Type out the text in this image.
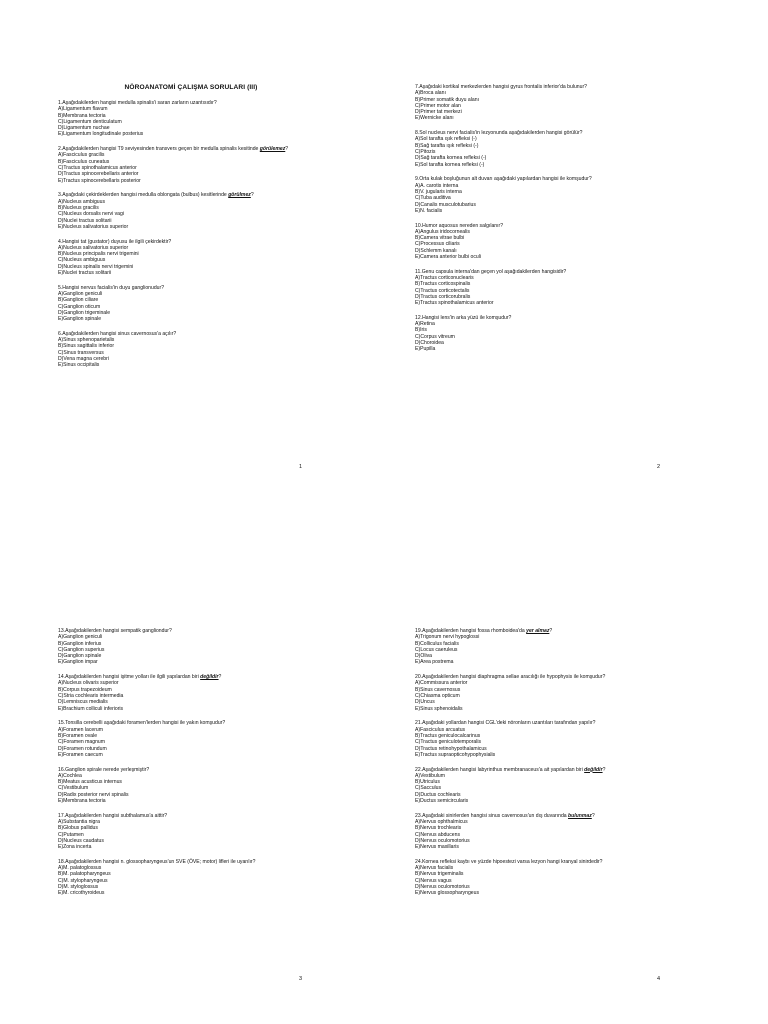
NÖROANATOMİ ÇALIŞMA SORULARI (III)
1.Aşağıdakilerden hangisi medulla spinalis'i saran zarların uzantısıdır?
A)Ligamentum flavum
B)Membrana tectoria
C)Ligamentum denticulatum
D)Ligamentum nuchae
E)Ligamentum longitudinale posterius
2.Aşağıdakilerden hangisi T9 seviyesinden transvers geçen bir medulla spinalis kesitinde görülemez?
A)Fasciculus gracilis
B)Fasciculus cuneatus
C)Tractus spinothalamicus anterior
D)Tractus spinocerebellaris anterior
E)Tractus spinocerebellaris posterior
3.Aşağıdaki çekirdeklerden hangisi medulla oblongata (bulbus) kesitlerinde görülmez?
A)Nucleus ambiguus
B)Nucleus gracilis
C)Nucleus dorsalis nervi vagi
D)Nuclei tractus solitarii
E)Nucleus salivatorius superior
4.Hangisi tat (gustator) duyusu ile ilgili çekirdektir?
A)Nucleus salivatorius superior
B)Nucleus principalis nervi trigemini
C)Nucleus ambiguus
D)Nucleus spinalis nervi trigemini
E)Nuclei tractus solitarii
5.Hangisi nervus facialis'in duyu ganglionudur?
A)Ganglion geniculi
B)Ganglion ciliare
C)Ganglion oticum
D)Ganglion trigeminale
E)Ganglion spinale
6.Aşağıdakilerden hangisi sinus cavernosus'a açılır?
A)Sinus sphenoparietalis
B)Sinus sagittalis inferior
C)Sinus transversus
D)Vena magna cerebri
E)Sinus occipitalis
1
7.Aşağıdaki kortikal merkezlerden hangisi gyrus frontalis inferior'da bulunur?
A)Broca alanı
B)Primer somatik duyu alanı
C)Primer motor alan
D)Primer tat merkezi
E)Wernicke alanı
8.Sol nucleus nervi facialis'in lezyonunda aşağıdakilerden hangisi görülür?
A)Sol tarafta ışık refleksi (-)
B)Sağ tarafta ışık refleksi (-)
C)Pitozis
D)Sağ tarafta kornea refleksi (-)
E)Sol tarafta kornea refleksi (-)
9.Orta kulak boşluğunun alt duvarı aşağıdaki yapılardan hangisi ile komşudur?
A)A. carotis interna
B)V. jugularis interna
C)Tuba auditiva
D)Canalis musculotubarius
E)N. facialis
10.Humor aquosus nereden salgılanır?
A)Angulus iridocornealis
B)Camera vitrae bulbi
C)Processus ciliaris
D)Schlemm kanalı
E)Camera anterior bulbi oculi
11.Genu capsula interna'dan geçen yol aşağıdakilerden hangisidir?
A)Tractus corticonuclearis
B)Tractus corticospinalis
C)Tractus corticotectalis
D)Tractus corticorubralis
E)Tractus spinothalamicus anterior
12.Hangisi lens'in arka yüzü ile komşudur?
A)Retina
B)Iris
C)Corpus vitreum
D)Choroidea
E)Pupilla
2
13.Aşağıdakilerden hangisi sempatik gangliondur?
A)Ganglion geniculi
B)Ganglion inferius
C)Ganglion superius
D)Ganglion spinale
E)Ganglion impar
14.Aşağıdakilerden hangisi işitme yolları ile ilgili yapılardan biri değildir?
A)Nucleus olivaris superior
B)Corpus trapezoideum
C)Stria cochlearis intermedia
D)Lemniscus medialis
E)Brachium colliculi inferioris
15.Tonsilla cerebelli aşağıdaki foramen'lerden hangisi ile yakın komşudur?
A)Foramen lacerum
B)Foramen ovale
C)Foramen magnum
D)Foramen rotundum
E)Foramen caecum
16.Ganglion spirale nerede yerleşmiştir?
A)Cochlea
B)Meatus acusticus internus
C)Vestibulum
D)Radix posterior nervi spinalis
E)Membrana tectoria
17.Aşağıdakilerden hangisi subthalamus'a aittir?
A)Substantia nigra
B)Globus pallidus
C)Putamen
D)Nucleus caudatus
E)Zona incerta
18.Aşağıdakilerden hangisi n. glossopharyngeus'un SVE (ÖVE; motor) lifleri ile uyarılır?
A)M. palatoglossus
B)M. palatopharyngeus
C)M. stylopharyngeus
D)M. styloglossus
E)M. cricothyroideus
3
19.Aşağıdakilerden hangisi fossa rhomboidea'da yer almaz?
A)Trigonum nervi hypoglossi
B)Colliculus facialis
C)Locus caeruleus
D)Oliva
E)Area postrema
20.Aşağıdakilerden hangisi diaphragma sellae aracılığı ile hypophysis ile komşudur?
A)Commissura anterior
B)Sinus cavernosus
C)Chiasma opticum
D)Uncus
E)Sinus sphenoidalis
21.Aşağıdaki yollardan hangisi CGL'deki nöronların uzantıları tarafından yapılır?
A)Fasciculus arcuatus
B)Tractus geniculocalcarinus
C)Tractus geniculotemporalis
D)Tractus retinohypothalamicus
E)Tractus supraopticohypophysialis
22.Aşağıdakilerden hangisi labyrinthus membranaceus'a ait yapılardan biri değildir?
A)Vestibulum
B)Utriculus
C)Sacculus
D)Ductus cochlearis
E)Ductus semicircularis
23.Aşağıdaki sinirlerden hangisi sinus cavernosus'un dış duvarında bulunmaz?
A)Nervus ophthalmicus
B)Nervus trochlearis
C)Nervus abducens
D)Nervus oculomotorius
E)Nervus maxillaris
24.Kornea refleksi kaybı ve yüzde hipoestezi varsa lezyon hangi kranyal sinirdedir?
A)Nervus facialis
B)Nervus trigeminalis
C)Nervus vagus
D)Nervus oculomotorius
E)Nervus glossopharyngeus
4
